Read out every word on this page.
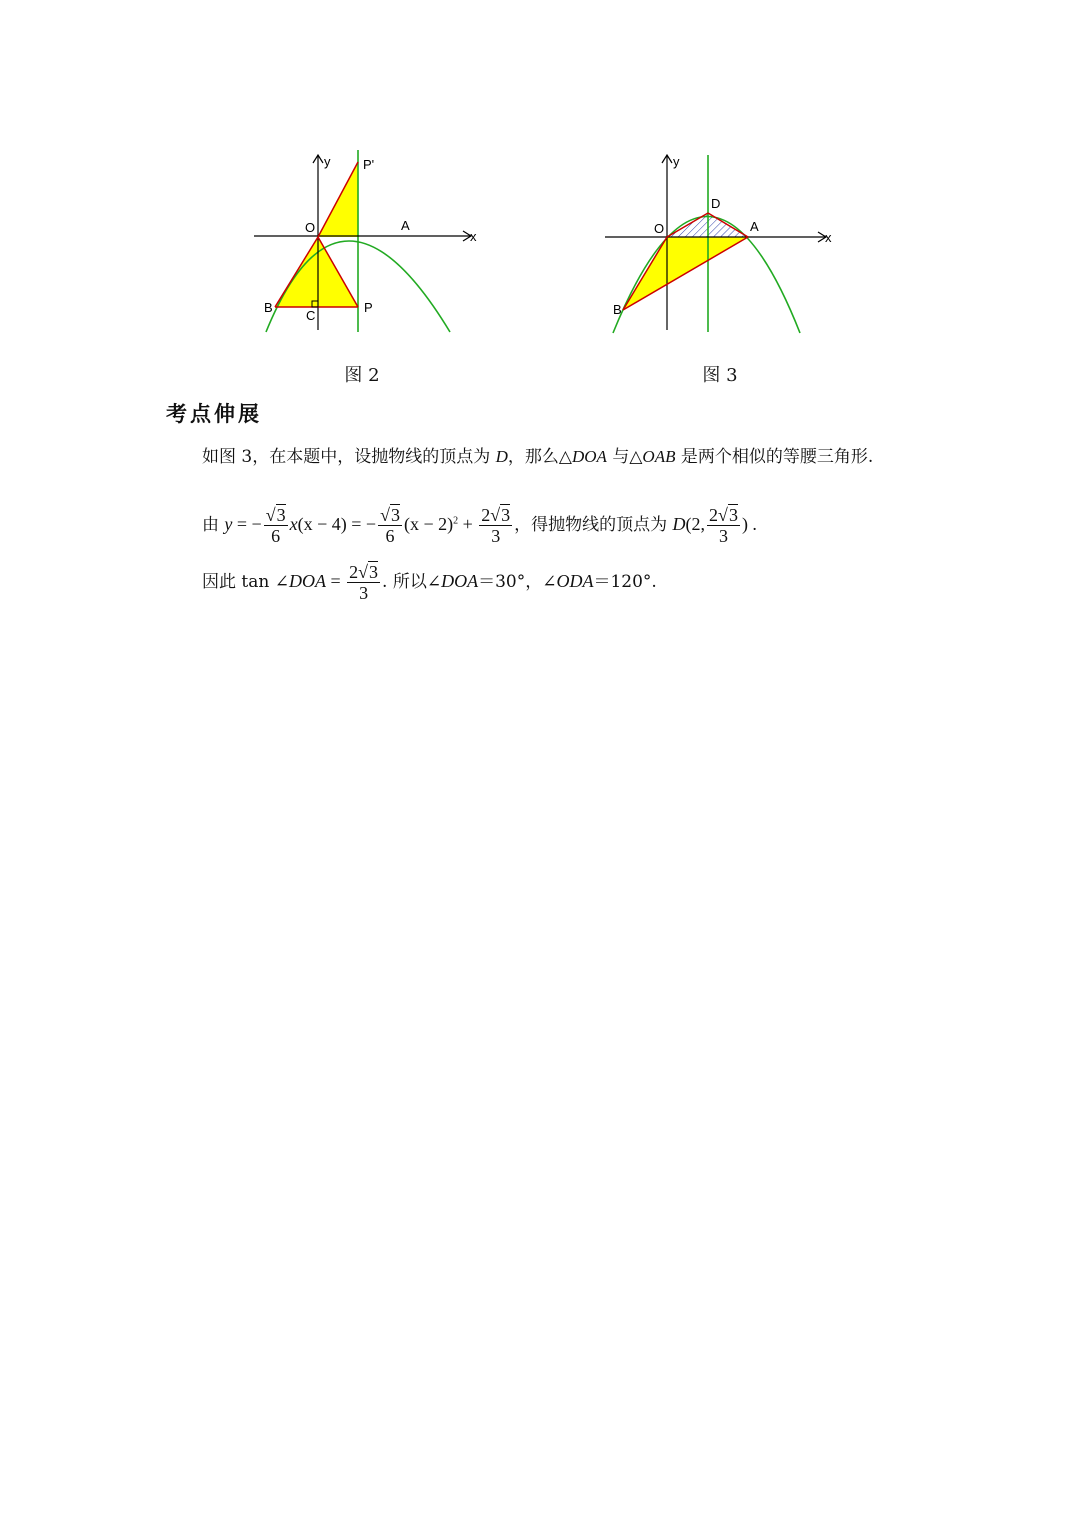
y	P'
O	A
x
B
C
P
图 2
y
D
O	A
x
B
图 3
考点伸展
如图 3，在本题中，设抛物线的顶点为 D，那么△DOA 与△OAB 是两个相似的等腰三角形.
由 y = − $\frac{√3}{6} x(x - 4)$ = − $\frac{√3}{6} (x - 2)^2 + \frac{2√3}{3}$ ，得抛物线的顶点为 D(2, $\frac{2√3}{3}$ ) .
因此 tan ∠DOA = $\frac{2√3}{3}$ . 所以∠DOA＝30°，∠ODA＝120°.
